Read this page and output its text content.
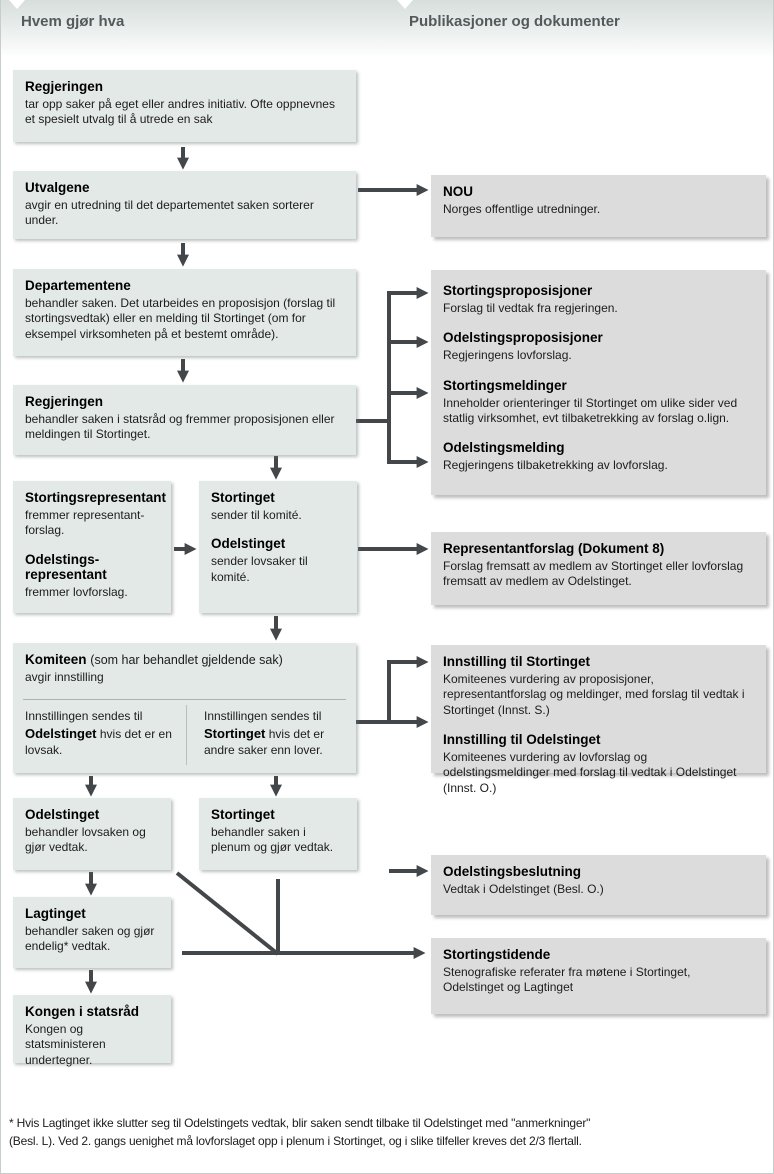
Hvem gjør hva	Publikasjoner og dokumenter
Regjeringen
tar opp saker på eget eller andres initiativ. Ofte oppnevnes et spesielt utvalg til å utrede en sak
Utvalgene
avgir en utredning til det departementet saken sorterer under.
Departementene
behandler saken. Det utarbeides en proposisjon (forslag til stortingsvedtak) eller en melding til Stortinget (om for eksempel virksomheten på et bestemt område).
Regjeringen
behandler saken i statsråd og fremmer proposisjonen eller meldingen til Stortinget.
Stortingsrepresentant
fremmer representant-forslag.
Odelstings-representant
fremmer lovforslag.
Stortinget
sender til komité.
Odelstinget
sender lovsaker til komité.
Komiteen (som har behandlet gjeldende sak)
avgir innstilling
Innstillingen sendes til
Odelstinget hvis det er en lovsak.
Innstillingen sendes til
Stortinget hvis det er andre saker enn lover.
Odelstinget
behandler lovsaken og gjør vedtak.
Stortinget
behandler saken i plenum og gjør vedtak.
Lagtinget
behandler saken og gjør endelig* vedtak.
Kongen i statsråd
Kongen og statsministeren undertegner.
NOU
Norges offentlige utredninger.
Stortingsproposisjoner
Forslag til vedtak fra regjeringen.
Odelstingsproposisjoner
Regjeringens lovforslag.
Stortingsmeldinger
Inneholder orienteringer til Stortinget om ulike sider ved statlig virksomhet, evt tilbaketrekking av forslag o.lign.
Odelstingsmelding
Regjeringens tilbaketrekking av lovforslag.
Representantforslag (Dokument 8)
Forslag fremsatt av medlem av Stortinget eller lovforslag fremsatt av medlem av Odelstinget.
Innstilling til Stortinget
Komiteenes vurdering av proposisjoner, representantforslag og meldinger, med forslag til vedtak i Stortinget (Innst. S.)
Innstilling til Odelstinget
Komiteenes vurdering av lovforslag og odelstingsmeldinger med forslag til vedtak i Odelstinget (Innst. O.)
Odelstingsbeslutning
Vedtak i Odelstinget (Besl. O.)
Stortingstidende
Stenografiske referater fra møtene i Stortinget, Odelstinget og Lagtinget
* Hvis Lagtinget ikke slutter seg til Odelstingets vedtak, blir saken sendt tilbake til Odelstinget med "anmerkninger"
(Besl. L). Ved 2. gangs uenighet må lovforslaget opp i plenum i Stortinget, og i slike tilfeller kreves det 2/3 flertall.
